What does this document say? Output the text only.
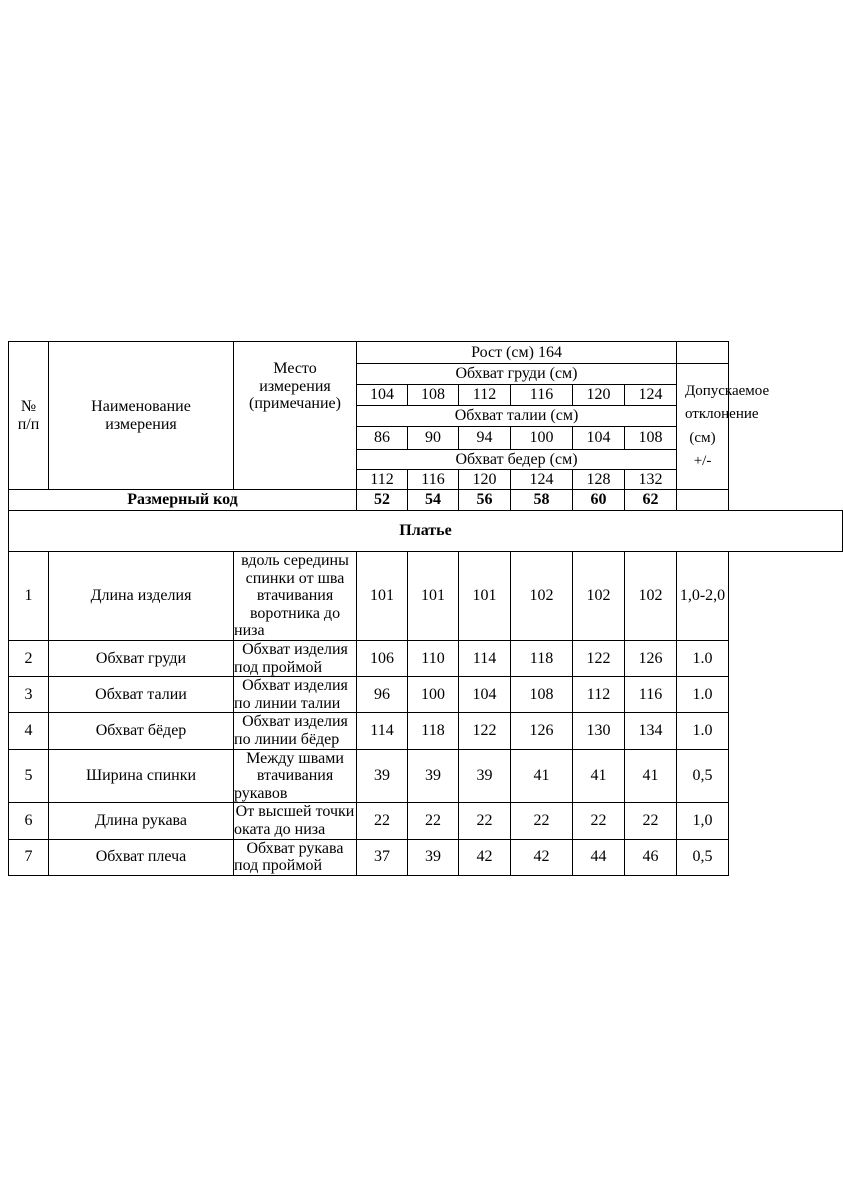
№ п/п	Наименование измерения	Место измерения (примечание)	Рост (см) 164						
			Обхват груди (см)						Допускаемое отклонение (см) +/-
			104	108	112	116	120	124	
			Обхват талии (см)						
			86	90	94	100	104	108	
			Обхват бедер (см)						
			112	116	120	124	128	132	
Размерный код			52	54	56	58	60	62	
Платье									
1	Длина изделия	вдоль середины спинки от шва втачивания воротника до низа	101	101	101	102	102	102	1,0-2,0
2	Обхват груди	Обхват изделия под проймой	106	110	114	118	122	126	1.0
3	Обхват талии	Обхват изделия по линии талии	96	100	104	108	112	116	1.0
4	Обхват бёдер	Обхват изделия по линии бёдер	114	118	122	126	130	134	1.0
5	Ширина спинки	Между швами втачивания рукавов	39	39	39	41	41	41	0,5
6	Длина рукава	От высшей точки оката до низа	22	22	22	22	22	22	1,0
7	Обхват плеча	Обхват рукава под проймой	37	39	42	42	44	46	0,5
